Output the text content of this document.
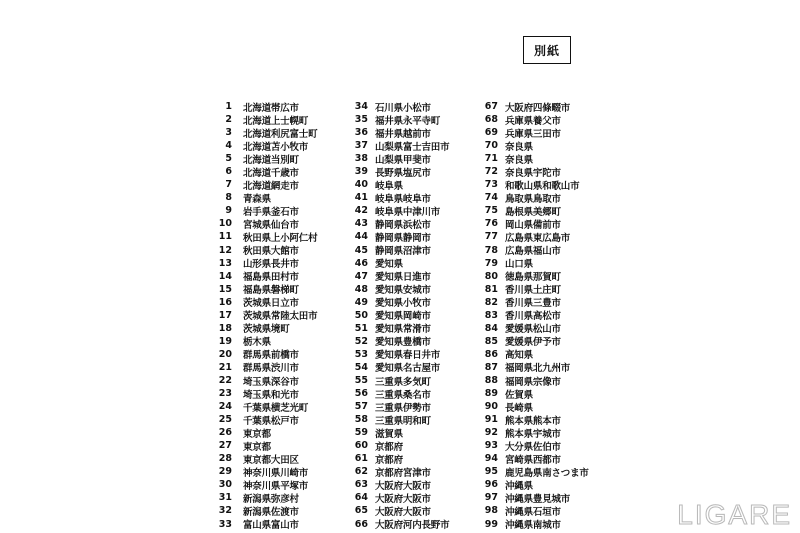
別紙
1 北海道帯広市
2 北海道上士幌町
3 北海道利尻富士町
4 北海道苫小牧市
5 北海道当別町
6 北海道千歳市
7 北海道網走市
8 青森県
9 岩手県釜石市
10 宮城県仙台市
11 秋田県上小阿仁村
12 秋田県大館市
13 山形県長井市
14 福島県田村市
15 福島県磐梯町
16 茨城県日立市
17 茨城県常陸太田市
18 茨城県境町
19 栃木県
20 群馬県前橋市
21 群馬県渋川市
22 埼玉県深谷市
23 埼玉県和光市
24 千葉県横芝光町
25 千葉県松戸市
26 東京都
27 東京都
28 東京都大田区
29 神奈川県川崎市
30 神奈川県平塚市
31 新潟県弥彦村
32 新潟県佐渡市
33 富山県富山市
34 石川県小松市
35 福井県永平寺町
36 福井県越前市
37 山梨県富士吉田市
38 山梨県甲斐市
39 長野県塩尻市
40 岐阜県
41 岐阜県岐阜市
42 岐阜県中津川市
43 静岡県浜松市
44 静岡県静岡市
45 静岡県沼津市
46 愛知県
47 愛知県日進市
48 愛知県安城市
49 愛知県小牧市
50 愛知県岡崎市
51 愛知県常滑市
52 愛知県豊橋市
53 愛知県春日井市
54 愛知県名古屋市
55 三重県多気町
56 三重県桑名市
57 三重県伊勢市
58 三重県明和町
59 滋賀県
60 京都府
61 京都府
62 京都府宮津市
63 大阪府大阪市
64 大阪府大阪市
65 大阪府大阪市
66 大阪府河内長野市
67 大阪府四條畷市
68 兵庫県養父市
69 兵庫県三田市
70 奈良県
71 奈良県
72 奈良県宇陀市
73 和歌山県和歌山市
74 鳥取県鳥取市
75 島根県美郷町
76 岡山県備前市
77 広島県東広島市
78 広島県福山市
79 山口県
80 徳島県那賀町
81 香川県土庄町
82 香川県三豊市
83 香川県高松市
84 愛媛県松山市
85 愛媛県伊予市
86 高知県
87 福岡県北九州市
88 福岡県宗像市
89 佐賀県
90 長崎県
91 熊本県熊本市
92 熊本県宇城市
93 大分県佐伯市
94 宮崎県西都市
95 鹿児島県南さつま市
96 沖縄県
97 沖縄県豊見城市
98 沖縄県石垣市
99 沖縄県南城市	LIGARE
